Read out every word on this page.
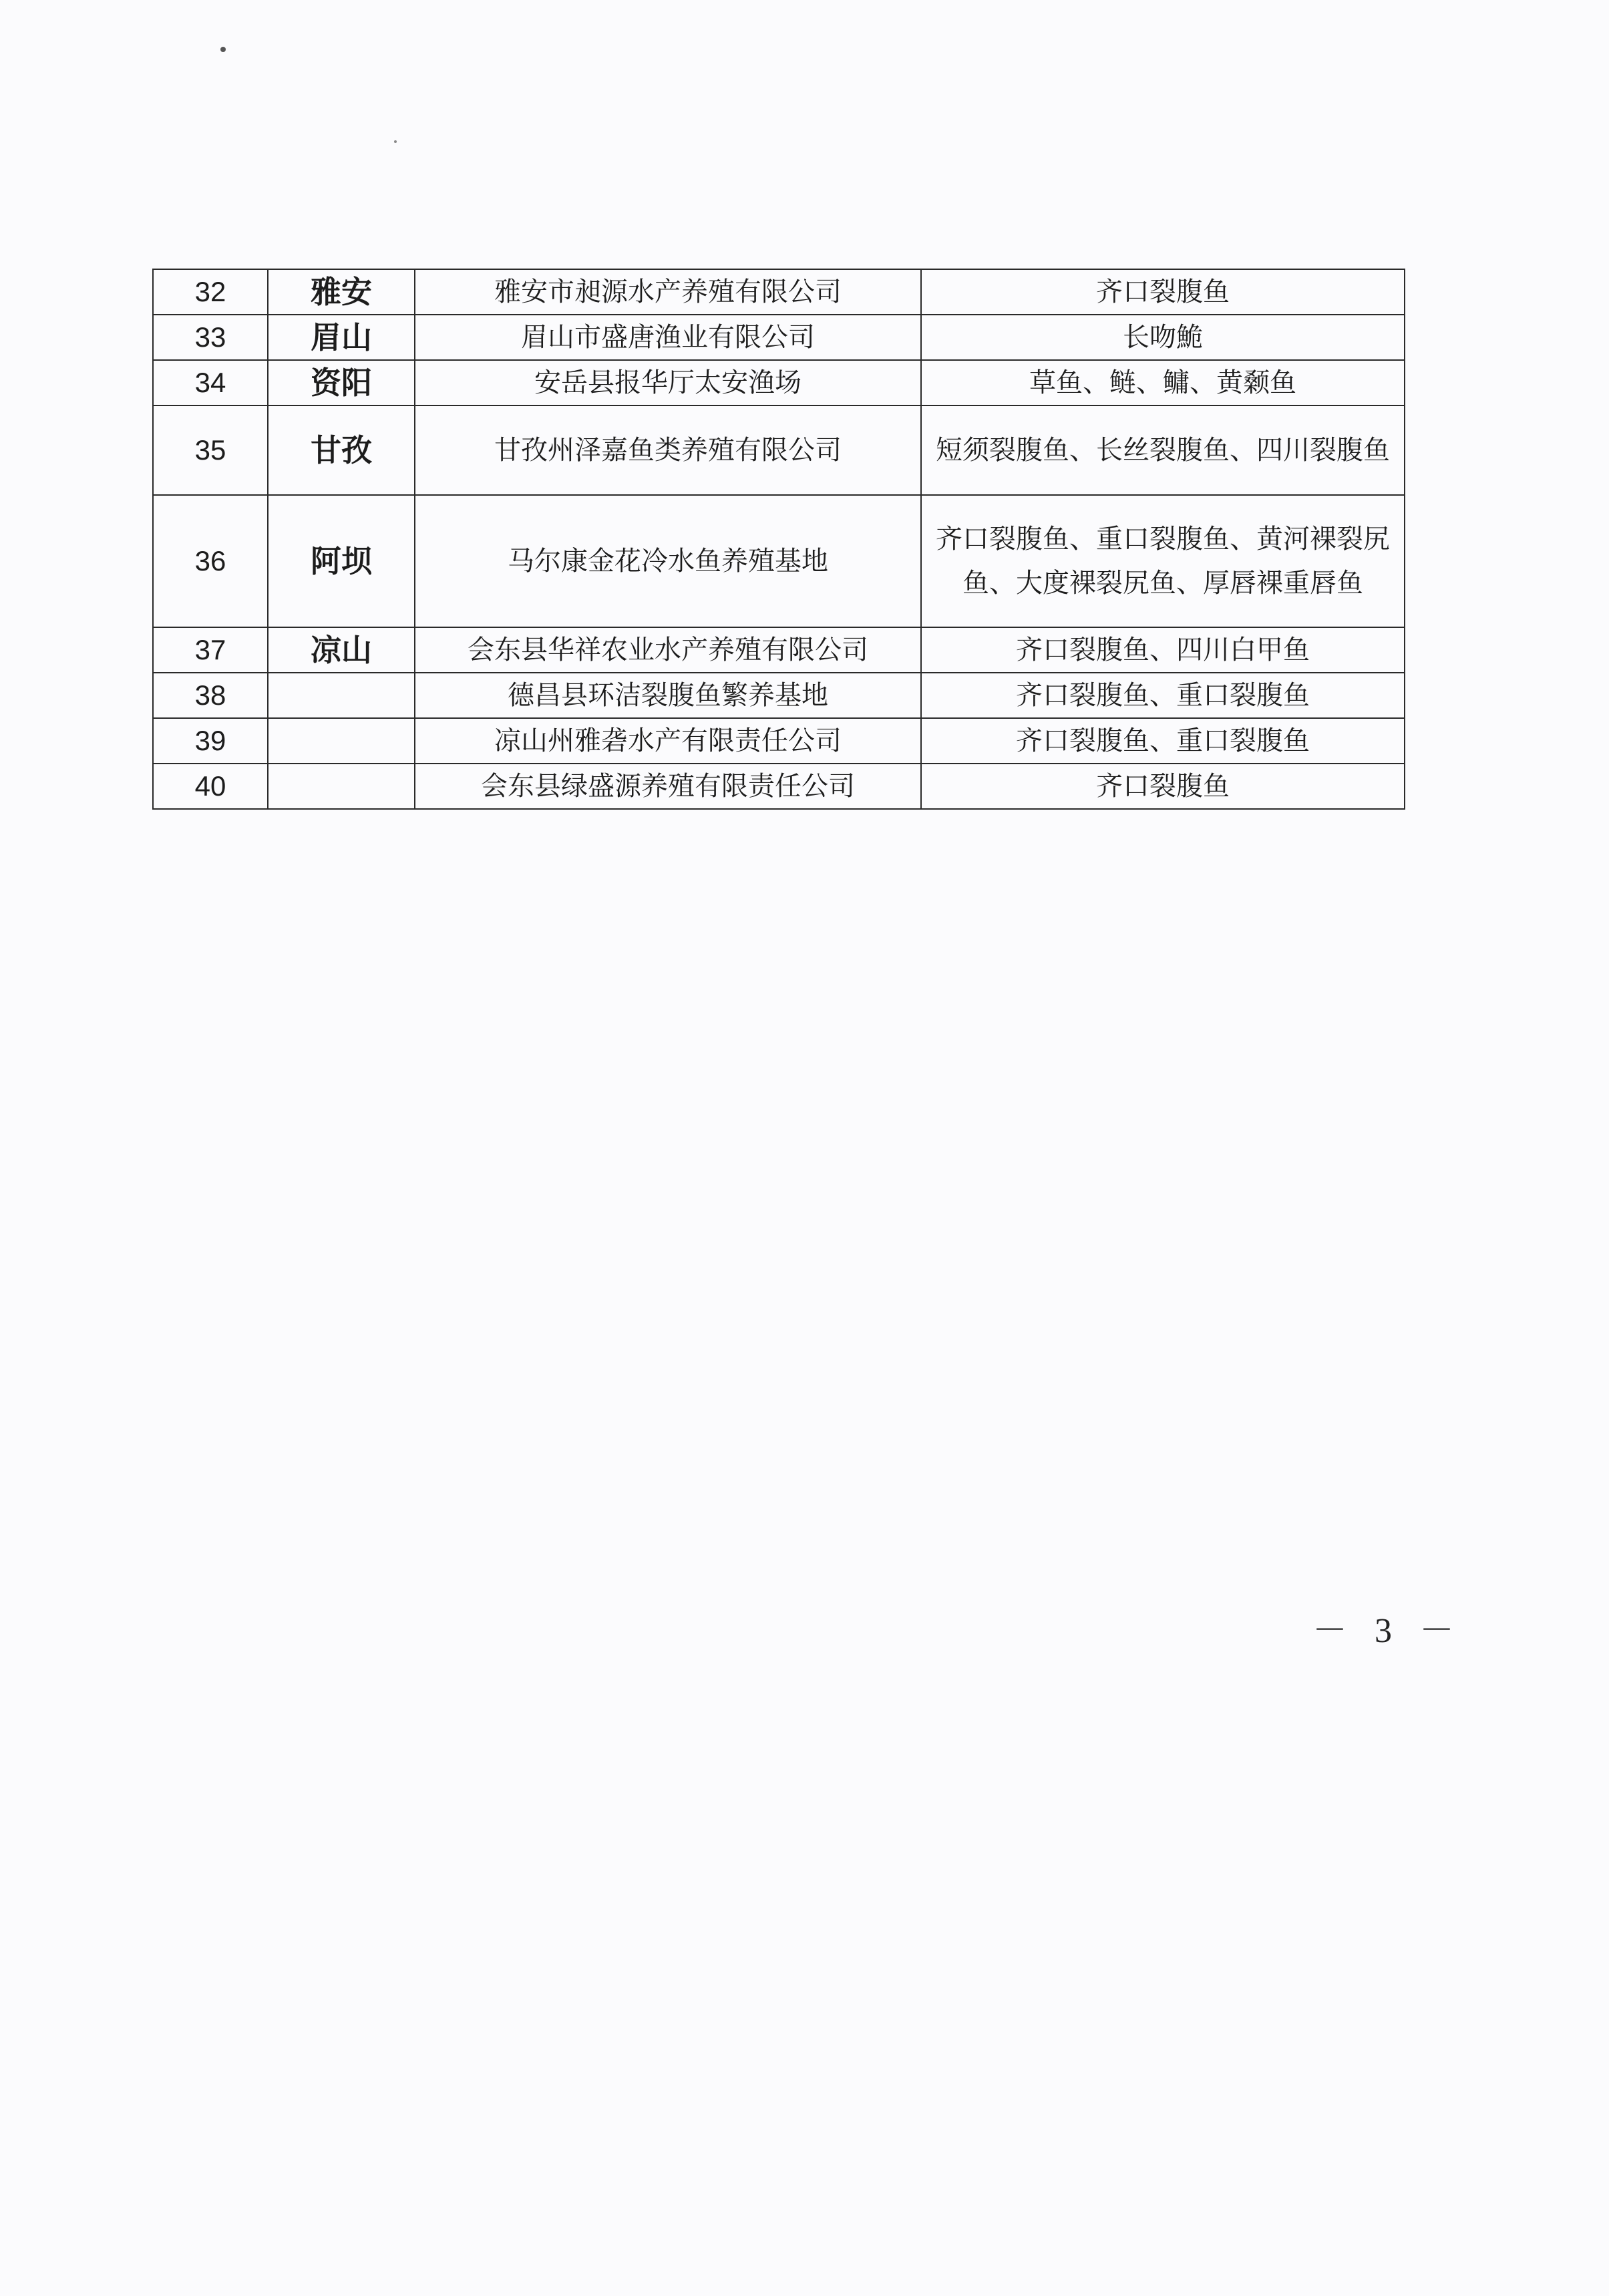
32	雅安	雅安市昶源水产养殖有限公司	齐口裂腹鱼
33	眉山	眉山市盛唐渔业有限公司	长吻鮠
34	资阳	安岳县报华厅太安渔场	草鱼、鲢、鳙、黄颡鱼
35	甘孜	甘孜州泽嘉鱼类养殖有限公司	短须裂腹鱼、长丝裂腹鱼、四川裂腹鱼
36	阿坝	马尔康金花冷水鱼养殖基地	齐口裂腹鱼、重口裂腹鱼、黄河裸裂尻鱼、大度裸裂尻鱼、厚唇裸重唇鱼
37	凉山	会东县华祥农业水产养殖有限公司	齐口裂腹鱼、四川白甲鱼
38		德昌县环洁裂腹鱼繁养基地	齐口裂腹鱼、重口裂腹鱼
39		凉山州雅砻水产有限责任公司	齐口裂腹鱼、重口裂腹鱼
40		会东县绿盛源养殖有限责任公司	齐口裂腹鱼
－ 3 －
